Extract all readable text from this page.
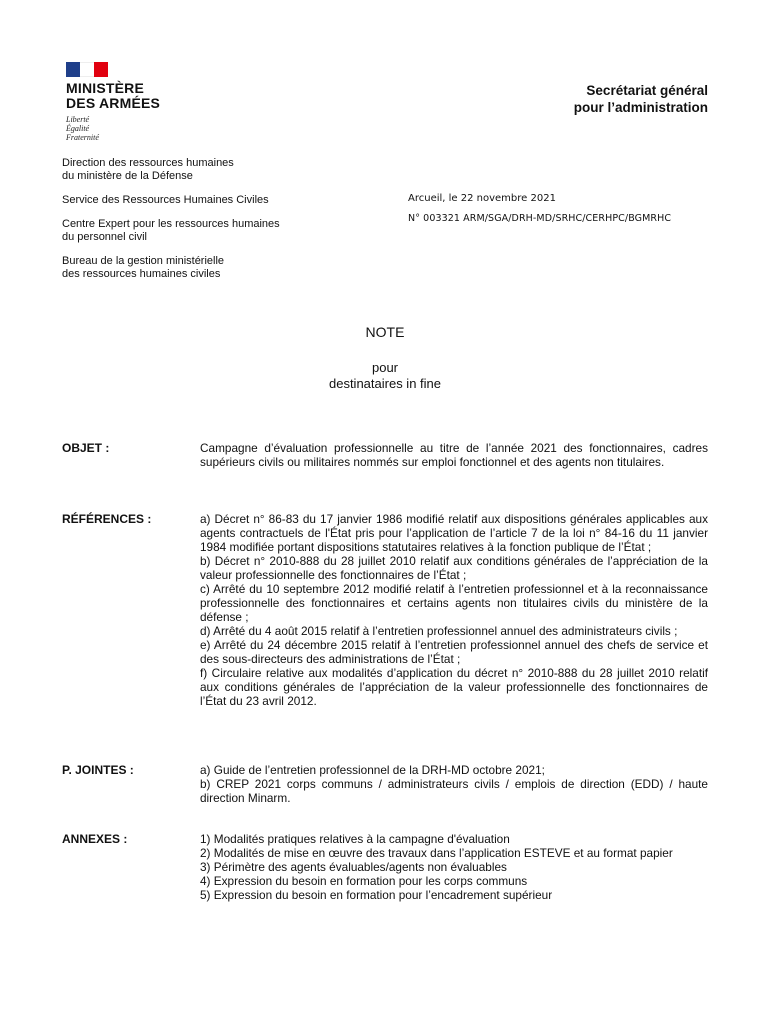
MINISTÈRE
DES ARMÉES
Liberté
Égalité
Fraternité
Secrétariat général
pour l’administration
Direction des ressources humaines
du ministère de la Défense
Service des Ressources Humaines Civiles
Centre Expert pour les ressources humaines
du personnel civil
Bureau de la gestion ministérielle
des ressources humaines civiles
Arcueil, le 22 novembre 2021
N° 003321 ARM/SGA/DRH-MD/SRHC/CERHPC/BGMRHC
NOTE
pour
destinataires in fine
OBJET :	Campagne d’évaluation professionnelle au titre de l’année 2021 des fonctionnaires, cadres supérieurs civils ou militaires nommés sur emploi fonctionnel et des agents non titulaires.
RÉFÉRENCES :	a) Décret n° 86-83 du 17 janvier 1986 modifié relatif aux dispositions générales applicables aux agents contractuels de l'État pris pour l’application de l’article 7 de la loi n° 84-16 du 11 janvier 1984 modifiée portant dispositions statutaires relatives à la fonction publique de l’État ;
b) Décret n° 2010-888 du 28 juillet 2010 relatif aux conditions générales de l’appréciation de la valeur professionnelle des fonctionnaires de l’État ;
c) Arrêté du 10 septembre 2012 modifié relatif à l’entretien professionnel et à la reconnaissance professionnelle des fonctionnaires et certains agents non titulaires civils du ministère de la défense ;
d) Arrêté du 4 août 2015 relatif à l’entretien professionnel annuel des administrateurs civils ;
e) Arrêté du 24 décembre 2015 relatif à l’entretien professionnel annuel des chefs de service et des sous-directeurs des administrations de l’État ;
f) Circulaire relative aux modalités d’application du décret n° 2010-888 du 28 juillet 2010 relatif aux conditions générales de l’appréciation de la valeur professionnelle des fonctionnaires de l’État du 23 avril 2012.
P. JOINTES :	a) Guide de l’entretien professionnel de la DRH-MD octobre 2021;
b) CREP 2021 corps communs / administrateurs civils / emplois de direction (EDD) / haute direction Minarm.
ANNEXES :	1) Modalités pratiques relatives à la campagne d'évaluation
2) Modalités de mise en œuvre des travaux dans l’application ESTEVE et au format papier
3) Périmètre des agents évaluables/agents non évaluables
4) Expression du besoin en formation pour les corps communs
5) Expression du besoin en formation pour l’encadrement supérieur
